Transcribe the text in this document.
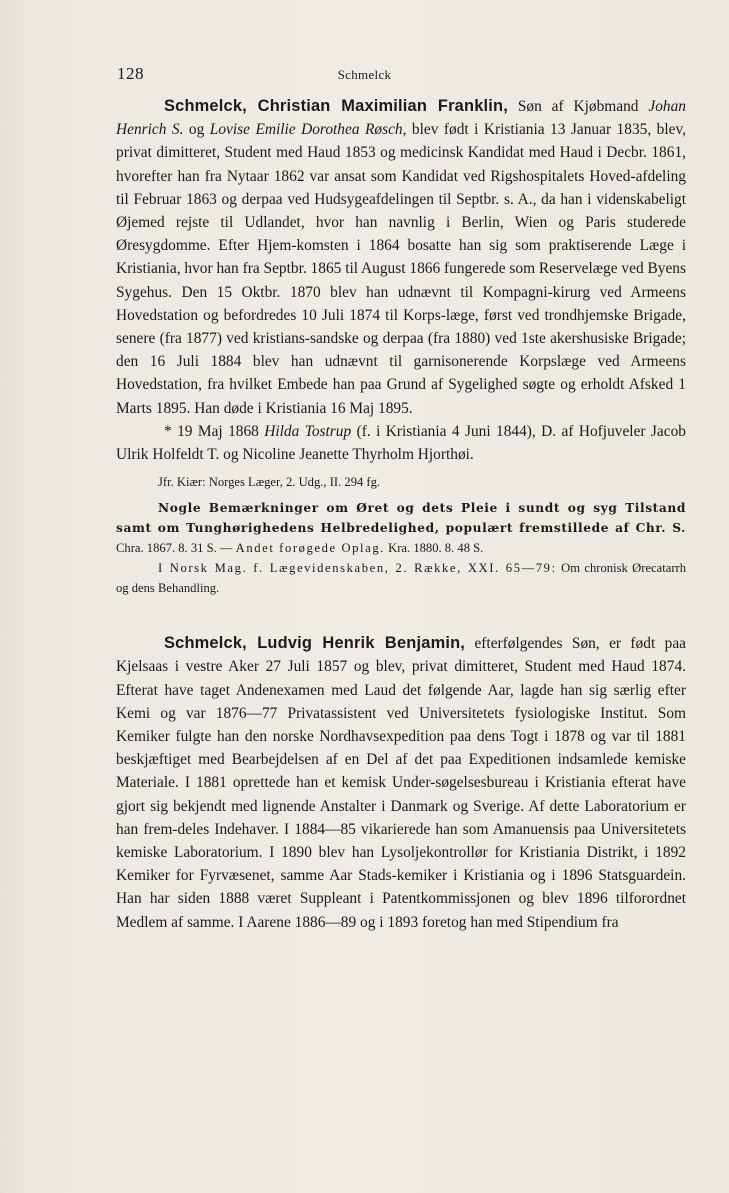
128	Schmelck

Schmelck, Christian Maximilian Franklin, Søn af Kjøbmand Johan Henrich S. og Lovise Emilie Dorothea Røsch, blev født i Kristiania 13 Januar 1835, blev, privat dimitteret, Student med Haud 1853 og medicinsk Kandidat med Haud i Decbr. 1861, hvorefter han fra Nytaar 1862 var ansat som Kandidat ved Rigshospitalets Hoved-afdeling til Februar 1863 og derpaa ved Hudsygeafdelingen til Septbr. s. A., da han i videnskabeligt Øjemed rejste til Udlandet, hvor han navnlig i Berlin, Wien og Paris studerede Øresygdomme. Efter Hjem-komsten i 1864 bosatte han sig som praktiserende Læge i Kristiania, hvor han fra Septbr. 1865 til August 1866 fungerede som Reservelæge ved Byens Sygehus. Den 15 Oktbr. 1870 blev han udnævnt til Kompagni-kirurg ved Armeens Hovedstation og befordredes 10 Juli 1874 til Korps-læge, først ved trondhjemske Brigade, senere (fra 1877) ved kristians-sandske og derpaa (fra 1880) ved 1ste akershusiske Brigade; den 16 Juli 1884 blev han udnævnt til garnisonerende Korpslæge ved Armeens Hovedstation, fra hvilket Embede han paa Grund af Sygelighed søgte og erholdt Afsked 1 Marts 1895. Han døde i Kristiania 16 Maj 1895.

* 19 Maj 1868 Hilda Tostrup (f. i Kristiania 4 Juni 1844), D. af Hofjuveler Jacob Ulrik Holfeldt T. og Nicoline Jeanette Thyrholm Hjorthøi.

Jfr. Kiær: Norges Læger, 2. Udg., II. 294 fg.

Nogle Bemærkninger om Øret og dets Pleie i sundt og syg Tilstand samt om Tunghørighedens Helbredelighed, populært fremstillede af Chr. S. Chra. 1867. 8. 31 S. — Andet forøgede Oplag. Kra. 1880. 8. 48 S.

I Norsk Mag. f. Lægevidenskaben, 2. Række, XXI. 65—79: Om chronisk Ørecatarrh og dens Behandling.

Schmelck, Ludvig Henrik Benjamin, efterfølgendes Søn, er født paa Kjelsaas i vestre Aker 27 Juli 1857 og blev, privat dimitteret, Student med Haud 1874. Efterat have taget Andenexamen med Laud det følgende Aar, lagde han sig særlig efter Kemi og var 1876—77 Privatassistent ved Universitetets fysiologiske Institut. Som Kemiker fulgte han den norske Nordhavsexpedition paa dens Togt i 1878 og var til 1881 beskjæftiget med Bearbejdelsen af en Del af det paa Expeditionen indsamlede kemiske Materiale. I 1881 oprettede han et kemisk Under-søgelsesbureau i Kristiania efterat have gjort sig bekjendt med lignende Anstalter i Danmark og Sverige. Af dette Laboratorium er han frem-deles Indehaver. I 1884—85 vikarierede han som Amanuensis paa Universitetets kemiske Laboratorium. I 1890 blev han Lysoljekontrollør for Kristiania Distrikt, i 1892 Kemiker for Fyrvæsenet, samme Aar Stads-kemiker i Kristiania og i 1896 Statsguardein. Han har siden 1888 været Suppleant i Patentkommissjonen og blev 1896 tilforordnet Medlem af samme. I Aarene 1886—89 og i 1893 foretog han med Stipendium fra
